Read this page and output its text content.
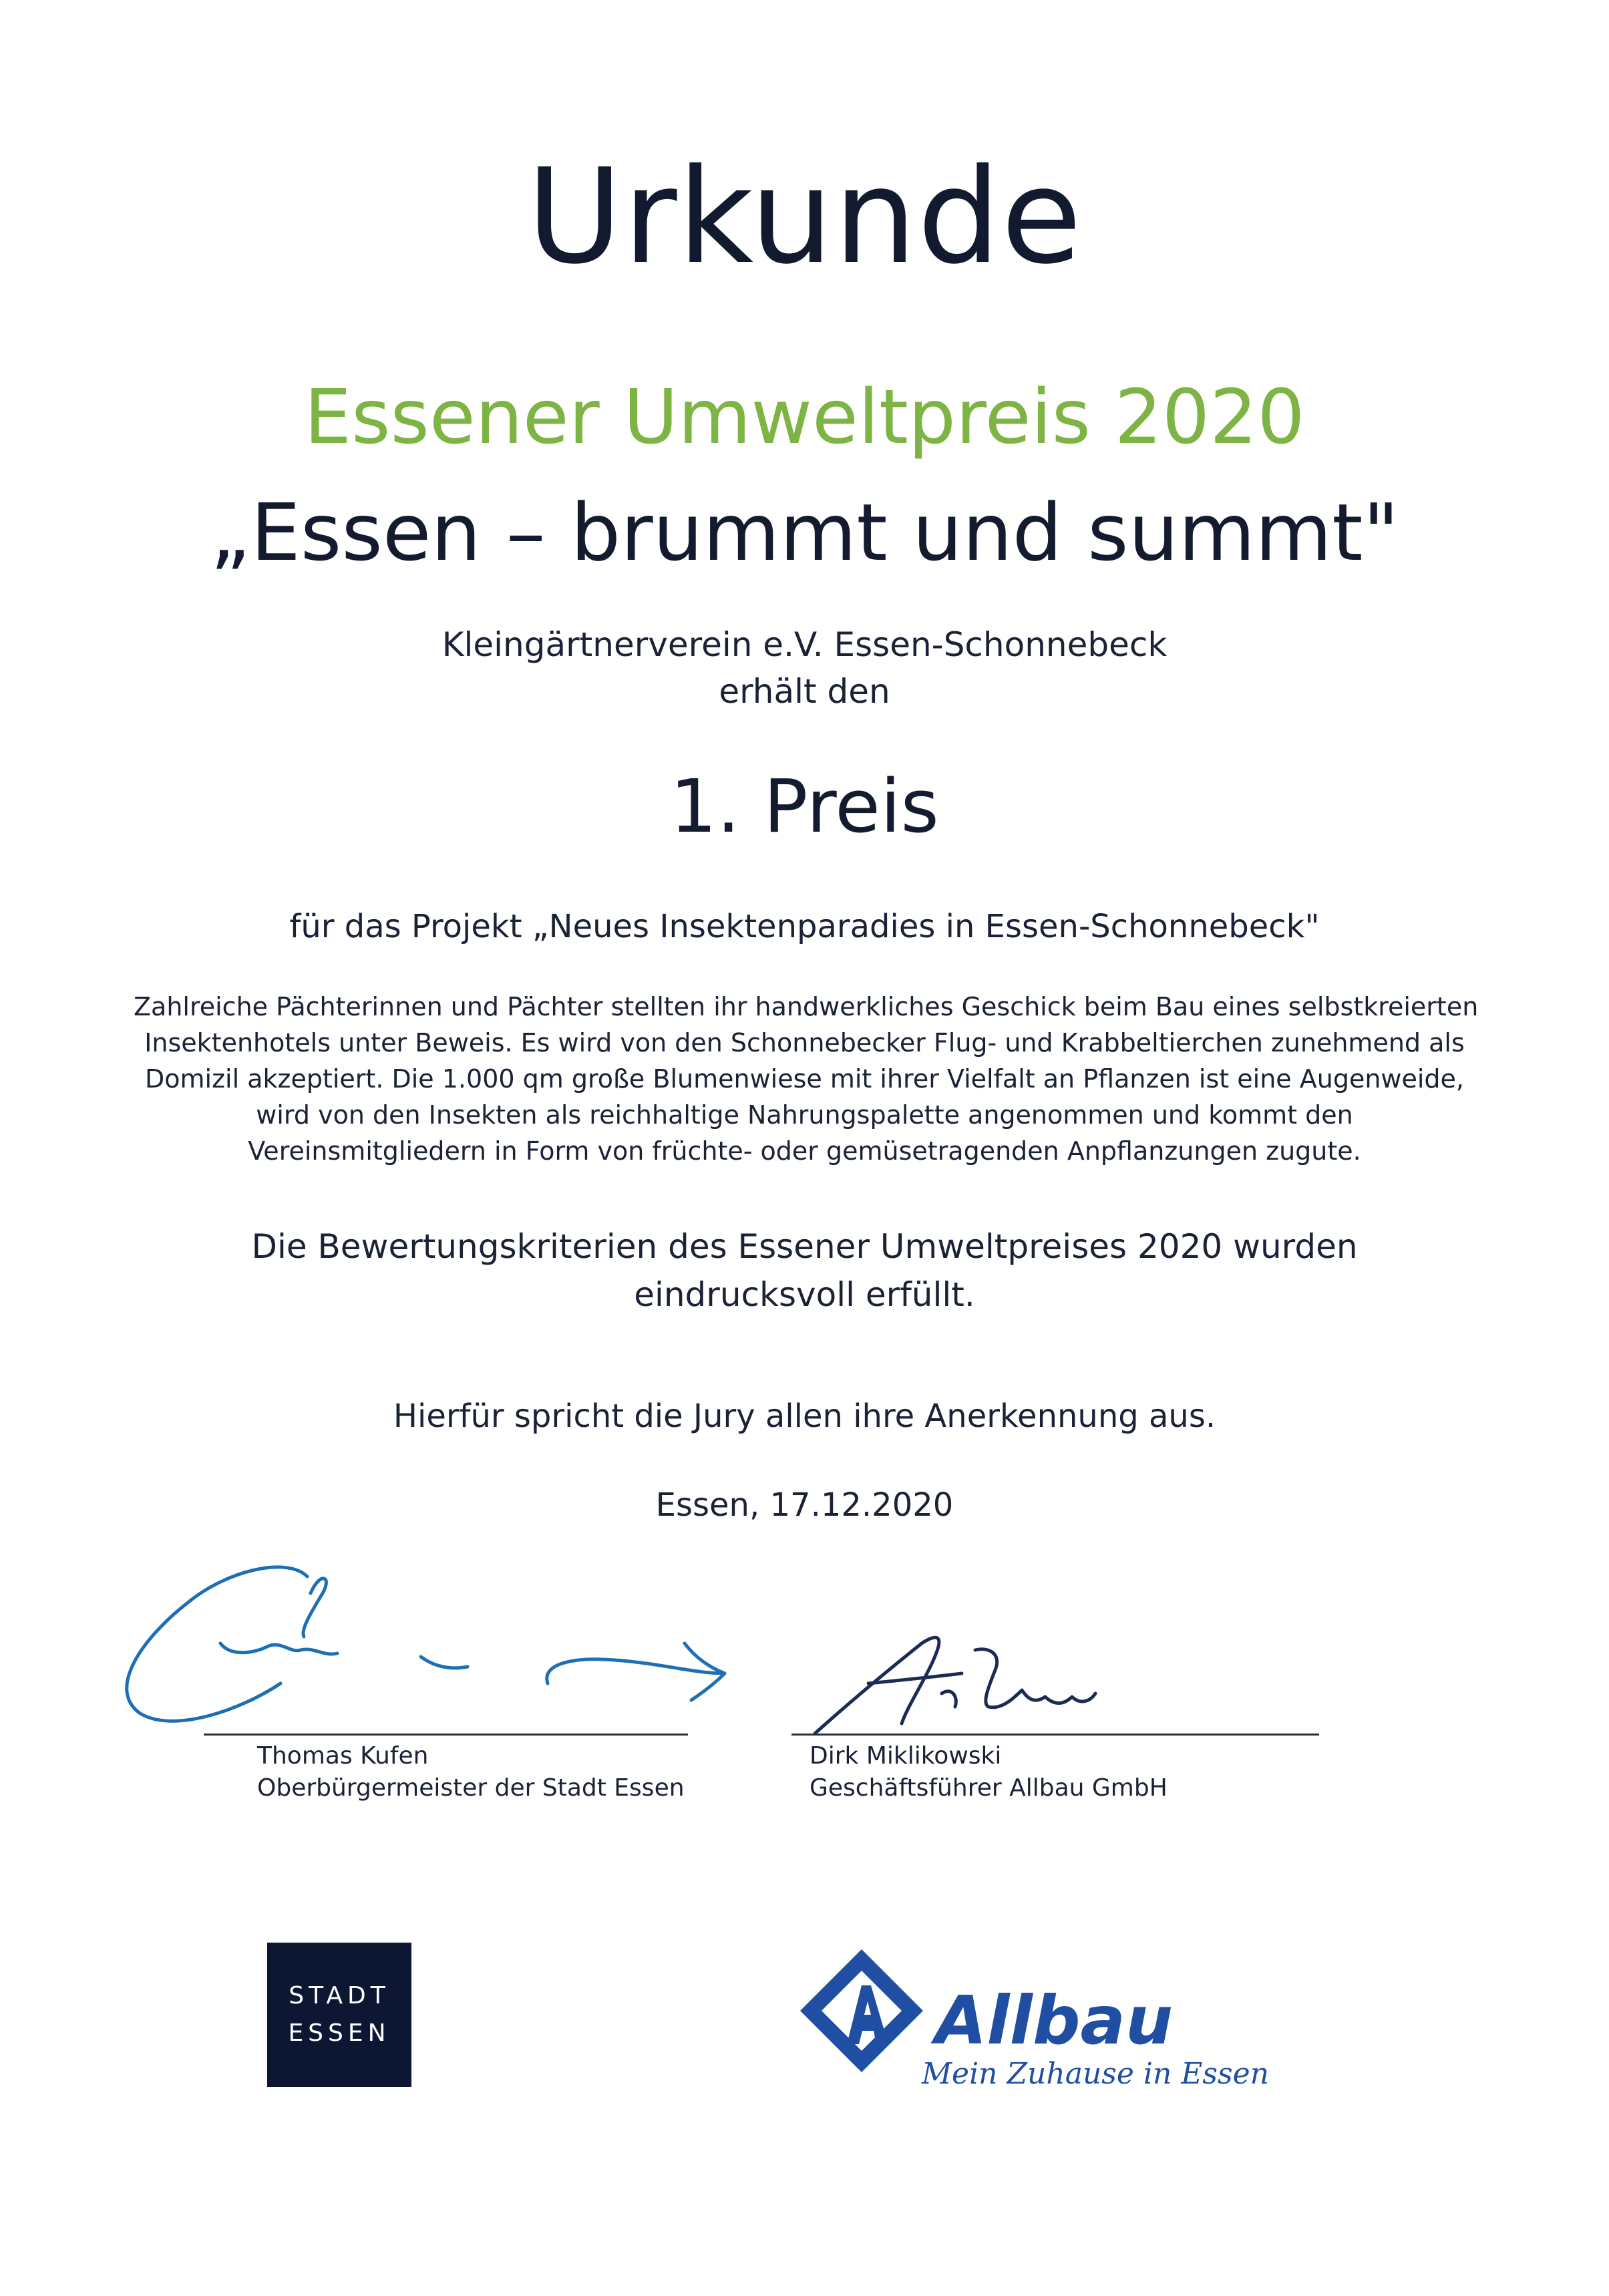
Urkunde
Essener Umweltpreis 2020
„Essen – brummt und summt"
Kleingärtnerverein e.V. Essen-Schonnebeck
erhält den
1. Preis
für das Projekt „Neues Insektenparadies in Essen-Schonnebeck"
Zahlreiche Pächterinnen und Pächter stellten ihr handwerkliches Geschick beim Bau eines selbstkreierten
Insektenhotels unter Beweis. Es wird von den Schonnebecker Flug- und Krabbeltierchen zunehmend als
Domizil akzeptiert. Die 1.000 qm große Blumenwiese mit ihrer Vielfalt an Pflanzen ist eine Augenweide,
wird von den Insekten als reichhaltige Nahrungspalette angenommen und kommt den
Vereinsmitgliedern in Form von früchte- oder gemüsetragenden Anpflanzungen zugute.
Die Bewertungskriterien des Essener Umweltpreises 2020 wurden
eindrucksvoll erfüllt.
Hierfür spricht die Jury allen ihre Anerkennung aus.
Essen, 17.12.2020
Thomas Kufen
Oberbürgermeister der Stadt Essen
Dirk Miklikowski
Geschäftsführer Allbau GmbH
STADT
ESSEN	Allbau
Mein Zuhause in Essen
